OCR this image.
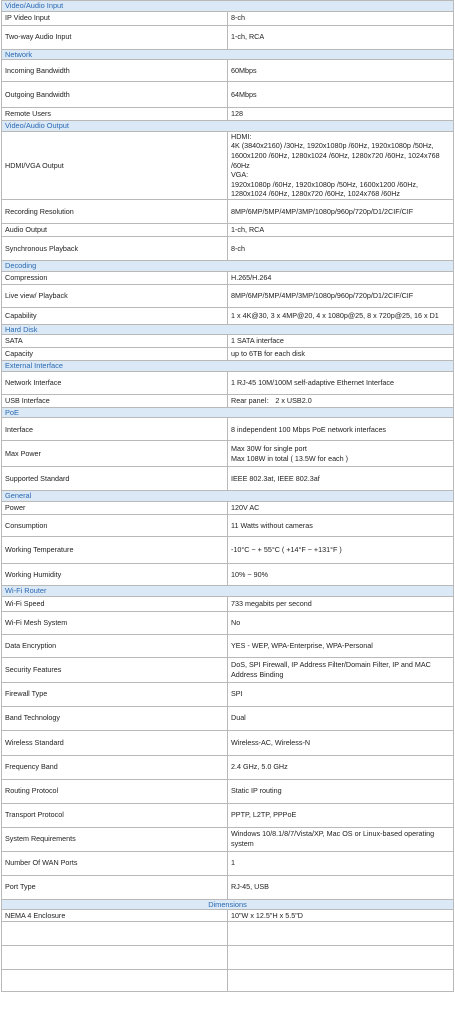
Video/Audio Input	
IP Video Input	8-ch
Two-way Audio Input	1-ch, RCA
Network	
Incoming Bandwidth	60Mbps
Outgoing Bandwidth	64Mbps
Remote Users	128
Video/Audio Output	
HDMI/VGA Output	HDMI:
4K (3840x2160) /30Hz, 1920x1080p /60Hz, 1920x1080p /50Hz, 1600x1200 /60Hz, 1280x1024 /60Hz, 1280x720 /60Hz, 1024x768 /60Hz
VGA:
1920x1080p /60Hz, 1920x1080p /50Hz, 1600x1200 /60Hz, 1280x1024 /60Hz, 1280x720 /60Hz, 1024x768 /60Hz
Recording Resolution	8MP/6MP/5MP/4MP/3MP/1080p/960p/720p/D1/2CIF/CIF
Audio Output	1-ch, RCA
Synchronous Playback	8-ch
Decoding	
Compression	H.265/H.264
Live view/ Playback	8MP/6MP/5MP/4MP/3MP/1080p/960p/720p/D1/2CIF/CIF
Capability	1 x 4K@30, 3 x 4MP@20, 4 x 1080p@25, 8 x 720p@25, 16 x D1
Hard Disk	
SATA	1 SATA interface
Capacity	up to 6TB for each disk
External Interface	
Network Interface	1 RJ-45 10M/100M self-adaptive Ethernet Interface
USB Interface	Rear panel： 2 x USB2.0
PoE	
Interface	8 independent 100 Mbps PoE network interfaces
Max Power	Max 30W for single port
Max 108W in total ( 13.5W for each )
Supported Standard	IEEE 802.3at, IEEE 802.3af
General	
Power	120V AC
Consumption	11 Watts without cameras
Working Temperature	-10°C ~ + 55°C ( +14°F ~ +131°F )
Working Humidity	10% ~ 90%
Wi-Fi Router	
Wi-Fi Speed	733 megabits per second
Wi-Fi Mesh System	No
Data Encryption	YES - WEP, WPA-Enterprise, WPA-Personal
Security Features	DoS, SPI Firewall, IP Address Filter/Domain Filter, IP and MAC Address Binding
Firewall Type	SPI
Band Technology	Dual
Wireless Standard	Wireless-AC, Wireless-N
Frequency Band	2.4 GHz, 5.0 GHz
Routing Protocol	Static IP routing
Transport Protocol	PPTP, L2TP, PPPoE
System Requirements	Windows 10/8.1/8/7/Vista/XP, Mac OS or Linux-based operating system
Number Of WAN Ports	1
Port Type	RJ-45, USB
Dimensions	
NEMA 4 Enclosure	10"W x 12.5"H x 5.5"D
